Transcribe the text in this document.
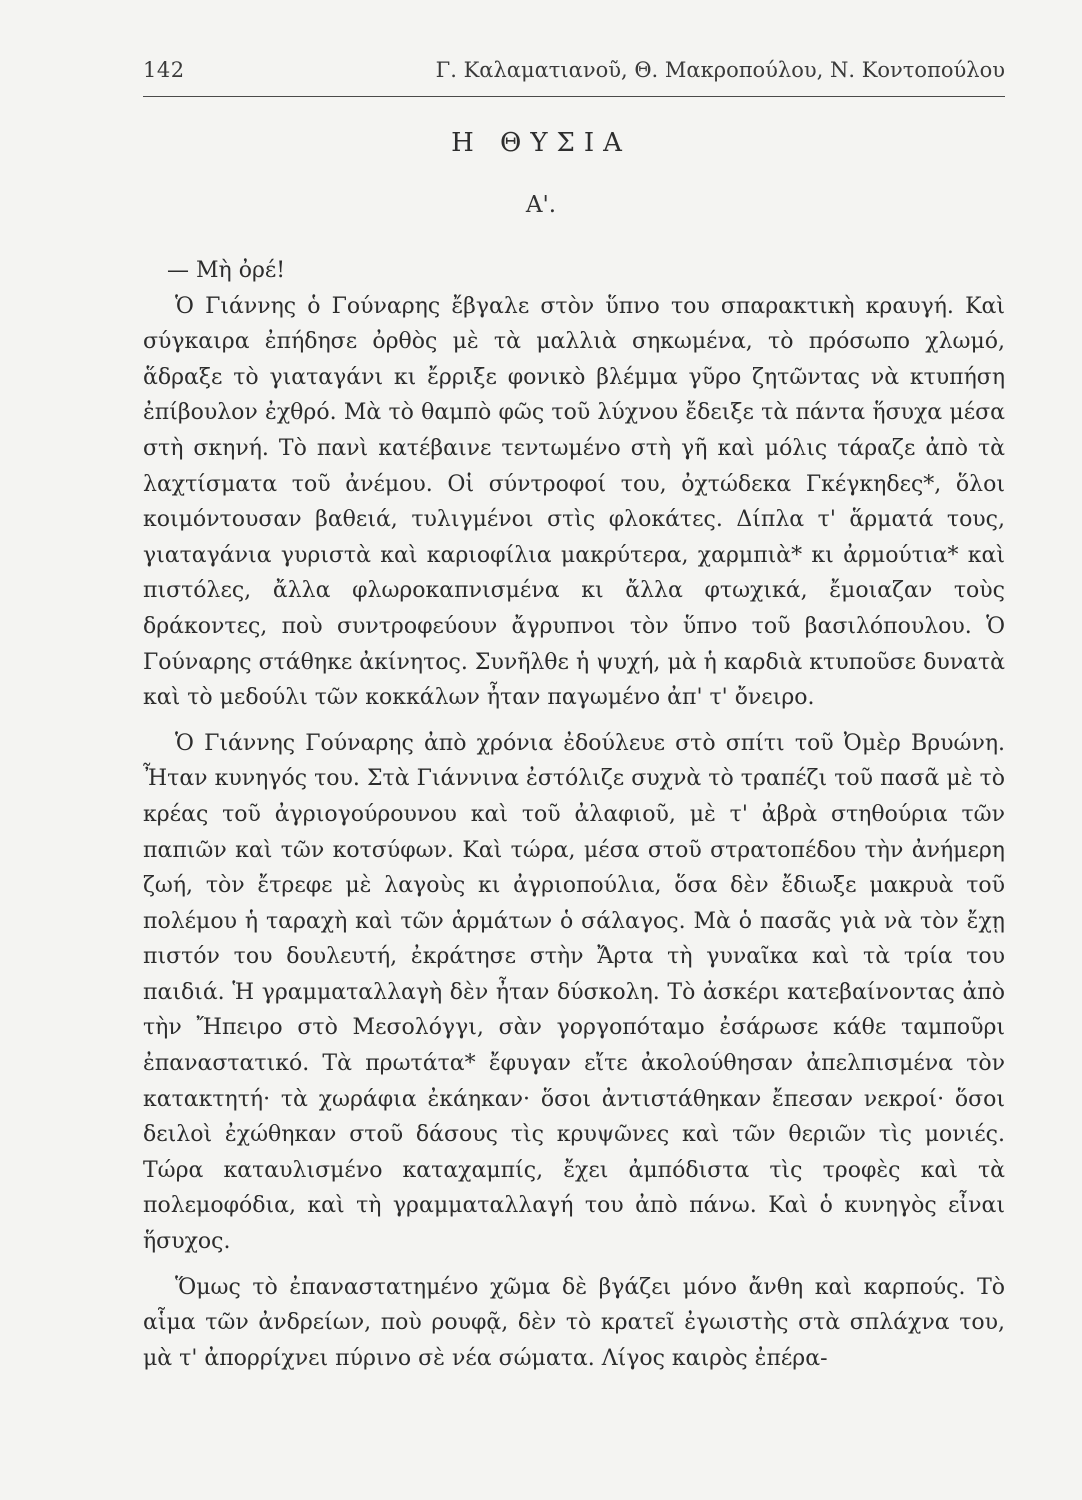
142	Γ. Καλαματιανοῦ, Θ. Μακροπούλου, Ν. Κοντοπούλου
Η ΘΥΣΙΑ
Α'.

— Μὴ ὀρέ!

Ὁ Γιάννης ὁ Γούναρης ἔβγαλε στὸν ὕπνο του σπαρακτικὴ κραυγή. Καὶ σύγκαιρα ἐπήδησε ὀρθὸς μὲ τὰ μαλλιὰ σηκωμένα, τὸ πρόσωπο χλωμό, ἅδραξε τὸ γιαταγάνι κι ἔρριξε φονικὸ βλέμμα γῦρο ζητῶντας νὰ κτυπήση ἐπίβουλον ἐχθρό. Μὰ τὸ θαμπὸ φῶς τοῦ λύχνου ἔδειξε τὰ πάντα ἥσυχα μέσα στὴ σκηνή. Τὸ πανὶ κατέβαινε τεντωμένο στὴ γῆ καὶ μόλις τάραζε ἀπὸ τὰ λαχτίσματα τοῦ ἀνέμου. Οἱ σύντροφοί του, ὀχτώδεκα Γκέγκηδες*, ὅλοι κοιμόντουσαν βαθειά, τυλιγμένοι στὶς φλοκάτες. Δίπλα τ' ἅρματά τους, γιαταγάνια γυριστὰ καὶ καριοφίλια μακρύτερα, χαρμπιὰ* κι ἀρμούτια* καὶ πιστόλες, ἄλλα φλωροκαπνισμένα κι ἄλλα φτωχικά, ἔμοιαζαν τοὺς δράκοντες, ποὺ συντροφεύουν ἄγρυπνοι τὸν ὕπνο τοῦ βασιλόπουλου. Ὁ Γούναρης στάθηκε ἀκίνητος. Συνῆλθε ἡ ψυχή, μὰ ἡ καρδιὰ κτυποῦσε δυνατὰ καὶ τὸ μεδούλι τῶν κοκκάλων ἦταν παγωμένο ἀπ' τ' ὄνειρο.

Ὁ Γιάννης Γούναρης ἀπὸ χρόνια ἐδούλευε στὸ σπίτι τοῦ Ὀμὲρ Βρυώνη. Ἦταν κυνηγός του. Στὰ Γιάννινα ἐστόλιζε συχνὰ τὸ τραπέζι τοῦ πασᾶ μὲ τὸ κρέας τοῦ ἀγριογούρουνου καὶ τοῦ ἀλαφιοῦ, μὲ τ' ἀβρὰ στηθούρια τῶν παπιῶν καὶ τῶν κοτσύφων. Καὶ τώρα, μέσα στοῦ στρατοπέδου τὴν ἀνήμερη ζωή, τὸν ἔτρεφε μὲ λαγοὺς κι ἀγριοπούλια, ὅσα δὲν ἔδιωξε μακρυὰ τοῦ πολέμου ἡ ταραχὴ καὶ τῶν ἁρμάτων ὁ σάλαγος. Μὰ ὁ πασᾶς γιὰ νὰ τὸν ἔχῃ πιστόν του δουλευτή, ἐκράτησε στὴν Ἄρτα τὴ γυναῖκα καὶ τὰ τρία του παιδιά. Ἡ γραμματαλλαγὴ δὲν ἦταν δύσκολη. Τὸ ἀσκέρι κατεβαίνοντας ἀπὸ τὴν Ἤπειρο στὸ Μεσολόγγι, σὰν γοργοπόταμο ἐσάρωσε κάθε ταμποῦρι ἐπαναστατικό. Τὰ πρωτάτα* ἔφυγαν εἴτε ἀκολούθησαν ἀπελπισμένα τὸν κατακτητή· τὰ χωράφια ἐκάηκαν· ὅσοι ἀντιστάθηκαν ἔπεσαν νεκροί· ὅσοι δειλοὶ ἐχώθηκαν στοῦ δάσους τὶς κρυψῶνες καὶ τῶν θεριῶν τὶς μονιές. Τώρα καταυλισμένο καταχαμπίς, ἔχει ἀμπόδιστα τὶς τροφὲς καὶ τὰ πολεμοφόδια, καὶ τὴ γραμματαλλαγή του ἀπὸ πάνω. Καὶ ὁ κυνηγὸς εἶναι ἥσυχος.

Ὅμως τὸ ἐπαναστατημένο χῶμα δὲ βγάζει μόνο ἄνθη καὶ καρπούς. Τὸ αἷμα τῶν ἀνδρείων, ποὺ ρουφᾷ, δὲν τὸ κρατεῖ ἐγωιστὴς στὰ σπλάχνα του, μὰ τ' ἀπορρίχνει πύρινο σὲ νέα σώματα. Λίγος καιρὸς ἐπέρα-
